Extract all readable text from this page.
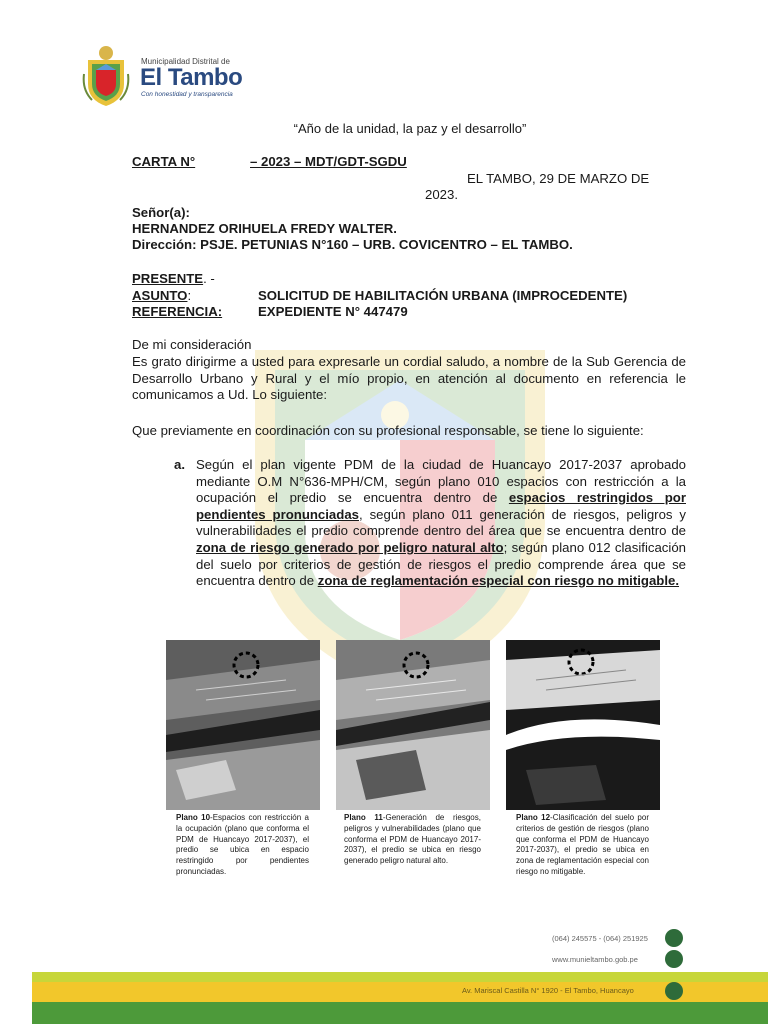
Municipalidad Distrital de
El Tambo
Con honestidad y transparencia
“Año de la unidad, la paz y el desarrollo”
CARTA N°	– 2023 – MDT/GDT-SGDU
EL TAMBO, 29 DE MARZO DE
2023.
Señor(a):
HERNANDEZ ORIHUELA FREDY WALTER.
Dirección: PSJE. PETUNIAS N°160 – URB. COVICENTRO – EL TAMBO.
PRESENTE. -
ASUNTO:	SOLICITUD DE HABILITACIÓN URBANA (IMPROCEDENTE)
REFERENCIA:	EXPEDIENTE N° 447479
De mi consideración
Es grato dirigirme a usted para expresarle un cordial saludo, a nombre de la Sub Gerencia de Desarrollo Urbano y Rural y el mío propio, en atención al documento en referencia le comunicamos a Ud. Lo siguiente:
Que previamente en coordinación con su profesional responsable, se tiene lo siguiente:
a. Según el plan vigente PDM de la ciudad de Huancayo 2017-2037 aprobado mediante O.M N°636-MPH/CM, según plano 010 espacios con restricción a la ocupación el predio se encuentra dentro de espacios restringidos por pendientes pronunciadas, según plano 011 generación de riesgos, peligros y vulnerabilidades el predio comprende dentro del área que se encuentra dentro de zona de riesgo generado por peligro natural alto; según plano 012 clasificación del suelo por criterios de gestión de riesgos el predio comprende área que se encuentra dentro de zona de reglamentación especial con riesgo no mitigable.
Plano 10-Espacios con restricción a la ocupación (plano que conforma el PDM de Huancayo 2017-2037), el predio se ubica en espacio restringido por pendientes pronunciadas.
Plano 11-Generación de riesgos, peligros y vulnerabilidades (plano que conforma el PDM de Huancayo 2017-2037), el predio se ubica en riesgo generado peligro natural alto.
Plano 12-Clasificación del suelo por criterios de gestión de riesgos (plano que conforma el PDM de Huancayo 2017-2037), el predio se ubica en zona de reglamentación especial con riesgo no mitigable.
(064) 245575 - (064) 251925
www.munieltambo.gob.pe
Av. Mariscal Castilla N° 1920 - El Tambo, Huancayo
